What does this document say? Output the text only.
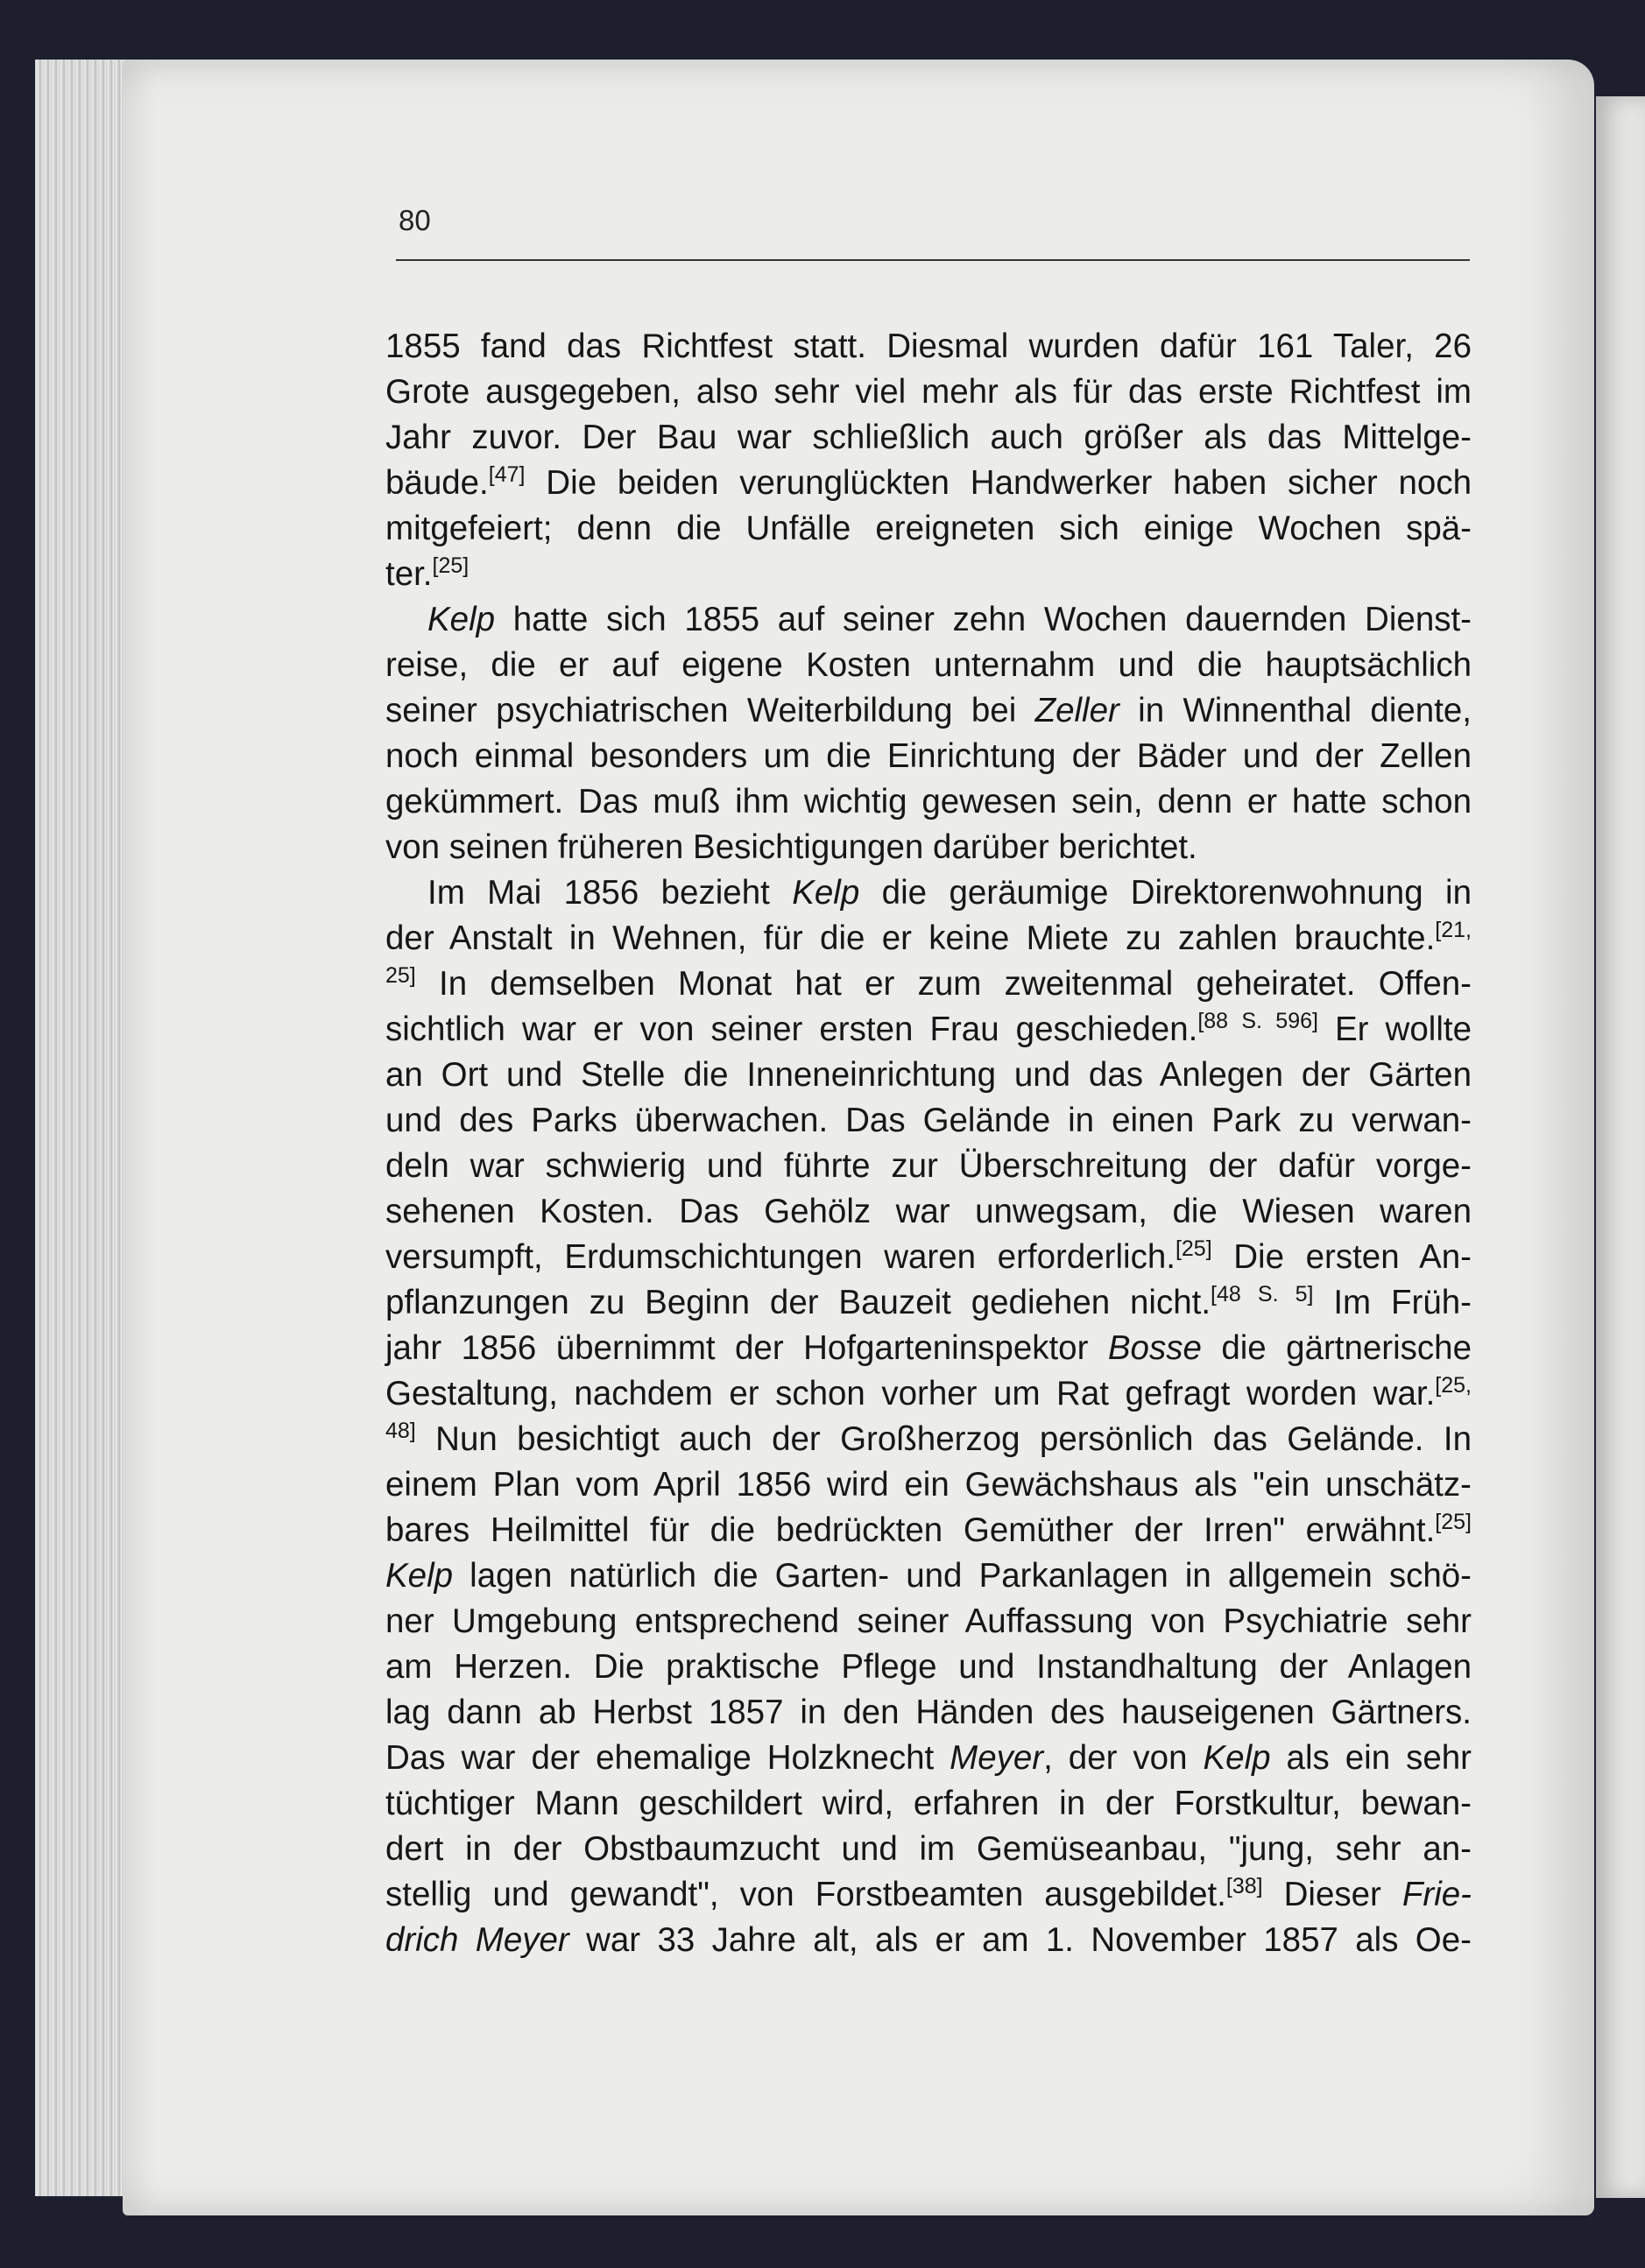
80
1855 fand das Richtfest statt. Diesmal wurden dafür 161 Taler, 26
Grote ausgegeben, also sehr viel mehr als für das erste Richtfest im
Jahr zuvor. Der Bau war schließlich auch größer als das Mittelge-
bäude.[47] Die beiden verunglückten Handwerker haben sicher noch
mitgefeiert; denn die Unfälle ereigneten sich einige Wochen spä-
ter.[25]
Kelp hatte sich 1855 auf seiner zehn Wochen dauernden Dienst-
reise, die er auf eigene Kosten unternahm und die hauptsächlich
seiner psychiatrischen Weiterbildung bei Zeller in Winnenthal diente,
noch einmal besonders um die Einrichtung der Bäder und der Zellen
gekümmert. Das muß ihm wichtig gewesen sein, denn er hatte schon
von seinen früheren Besichtigungen darüber berichtet.
Im Mai 1856 bezieht Kelp die geräumige Direktorenwohnung in
der Anstalt in Wehnen, für die er keine Miete zu zahlen brauchte.$^{[21,}$
$^{25]}$ In demselben Monat hat er zum zweitenmal geheiratet. Offen-
sichtlich war er von seiner ersten Frau geschieden.[88 S. 596] Er wollte
an Ort und Stelle die Inneneinrichtung und das Anlegen der Gärten
und des Parks überwachen. Das Gelände in einen Park zu verwan-
deln war schwierig und führte zur Überschreitung der dafür vorge-
sehenen Kosten. Das Gehölz war unwegsam, die Wiesen waren
versumpft, Erdumschichtungen waren erforderlich.[25] Die ersten An-
pflanzungen zu Beginn der Bauzeit gediehen nicht.[48 S. 5] Im Früh-
jahr 1856 übernimmt der Hofgarteninspektor Bosse die gärtnerische
Gestaltung, nachdem er schon vorher um Rat gefragt worden war.$^{[25,}$
$^{48]}$ Nun besichtigt auch der Großherzog persönlich das Gelände. In
einem Plan vom April 1856 wird ein Gewächshaus als "ein unschätz-
bares Heilmittel für die bedrückten Gemüther der Irren" erwähnt.[25]
Kelp lagen natürlich die Garten- und Parkanlagen in allgemein schö-
ner Umgebung entsprechend seiner Auffassung von Psychiatrie sehr
am Herzen. Die praktische Pflege und Instandhaltung der Anlagen
lag dann ab Herbst 1857 in den Händen des hauseigenen Gärtners.
Das war der ehemalige Holzknecht Meyer, der von Kelp als ein sehr
tüchtiger Mann geschildert wird, erfahren in der Forstkultur, bewan-
dert in der Obstbaumzucht und im Gemüseanbau, "jung, sehr an-
stellig und gewandt", von Forstbeamten ausgebildet.[38] Dieser Frie-
drich Meyer war 33 Jahre alt, als er am 1. November 1857 als Oe-
